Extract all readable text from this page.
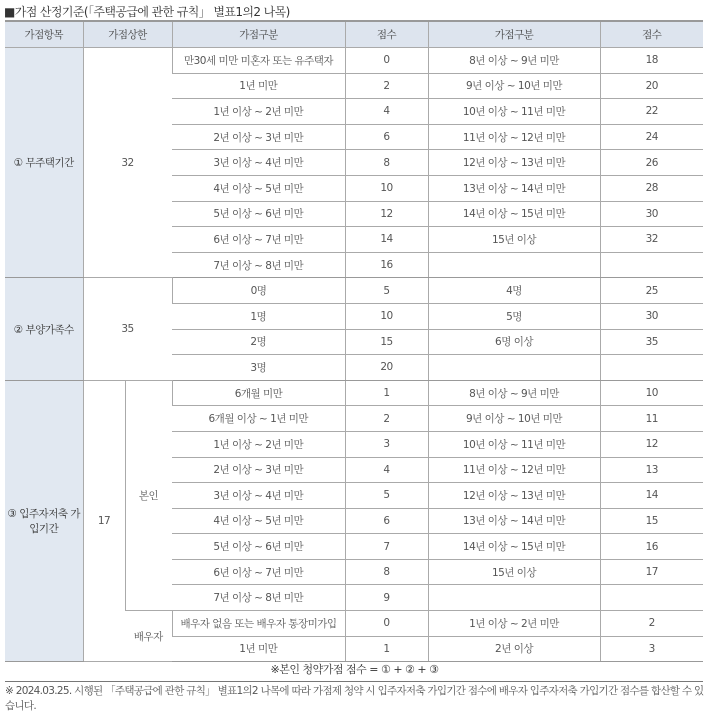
■가점 산정기준(「주택공급에 관한 규칙」 별표1의2 나목)
가점항목	가점상한		가점구분	점수	가점구분	점수
① 무주택기간	32		만30세 미만 미혼자 또는 유주택자	0	8년 이상 ~ 9년 미만	18
			1년 미만	2	9년 이상 ~ 10년 미만	20
			1년 이상 ~ 2년 미만	4	10년 이상 ~ 11년 미만	22
			2년 이상 ~ 3년 미만	6	11년 이상 ~ 12년 미만	24
			3년 이상 ~ 4년 미만	8	12년 이상 ~ 13년 미만	26
			4년 이상 ~ 5년 미만	10	13년 이상 ~ 14년 미만	28
			5년 이상 ~ 6년 미만	12	14년 이상 ~ 15년 미만	30
			6년 이상 ~ 7년 미만	14	15년 이상	32
			7년 이상 ~ 8년 미만	16		
② 부양가족수	35		0명	5	4명	25
			1명	10	5명	30
			2명	15	6명 이상	35
			3명	20		
③ 입주자저축 가입기간	17	본인	6개월 미만	1	8년 이상 ~ 9년 미만	10
			6개월 이상 ~ 1년 미만	2	9년 이상 ~ 10년 미만	11
			1년 이상 ~ 2년 미만	3	10년 이상 ~ 11년 미만	12
			2년 이상 ~ 3년 미만	4	11년 이상 ~ 12년 미만	13
			3년 이상 ~ 4년 미만	5	12년 이상 ~ 13년 미만	14
			4년 이상 ~ 5년 미만	6	13년 이상 ~ 14년 미만	15
			5년 이상 ~ 6년 미만	7	14년 이상 ~ 15년 미만	16
			6년 이상 ~ 7년 미만	8	15년 이상	17
			7년 이상 ~ 8년 미만	9		
		배우자	배우자 없음 또는 배우자 통장미가입	0	1년 이상 ~ 2년 미만	2
			1년 미만	1	2년 이상	3
※본인 청약가점 점수 = ① + ② + ③
※ 2024.03.25. 시행된 「주택공급에 관한 규칙」 별표1의2 나목에 따라 가점제 청약 시 입주자저축 가입기간 점수에 배우자 입주자저축 가입기간 점수를 합산할 수 있습니다.
